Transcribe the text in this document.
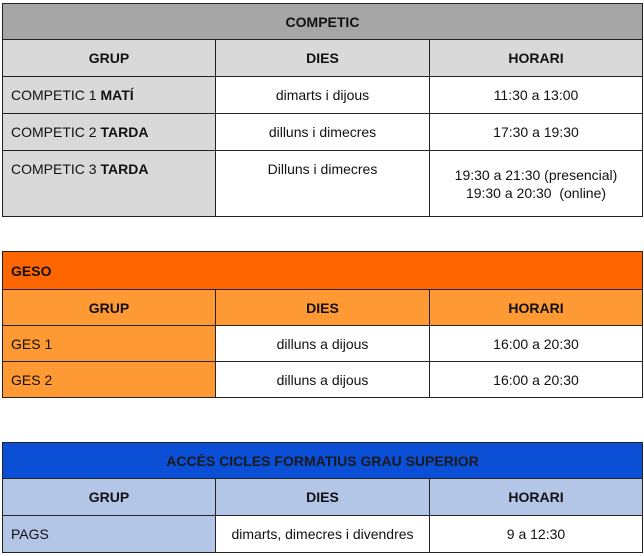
COMPETIC		
GRUP	DIES	HORARI
COMPETIC 1 MATÍ	dimarts i dijous	11:30 a 13:00

COMPETIC 2 TARDA	dilluns i dimecres	17:30 a 19:30

COMPETIC 3 TARDA	Dilluns i dimecres	19:30 a 21:30 (presencial)
19:30 a 20:30  (online)
GESO		
GRUP	DIES	HORARI
GES 1	dilluns a dijous	16:00 a 20:30
GES 2	dilluns a dijous	16:00 a 20:30
ACCÉS CICLES FORMATIUS GRAU SUPERIOR		
GRUP	DIES	HORARI
PAGS	dimarts, dimecres i divendres	9 a 12:30
